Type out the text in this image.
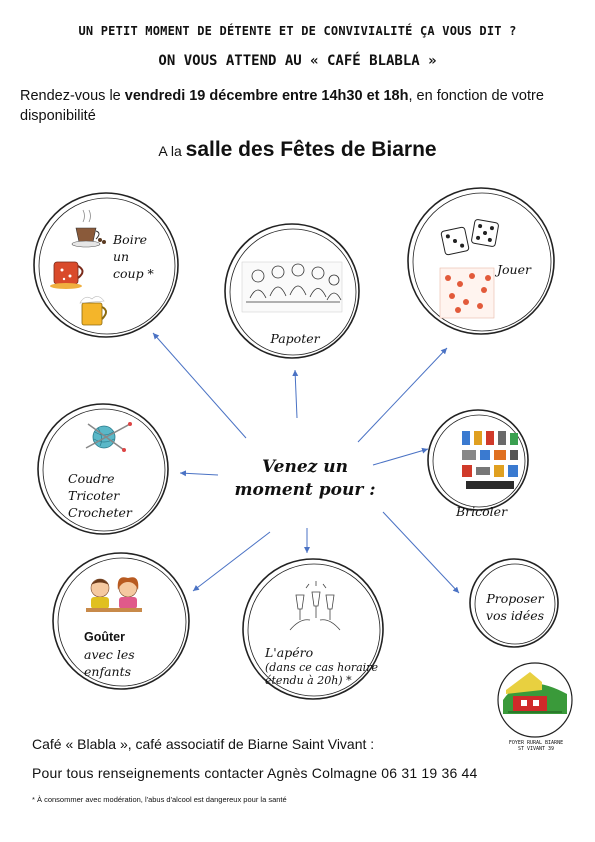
UN PETIT MOMENT DE DÉTENTE ET DE CONVIVIALITÉ ÇA VOUS DIT ?
ON VOUS ATTEND AU « CAFÉ BLABLA »
Rendez-vous le vendredi 19 décembre entre 14h30 et 18h, en fonction de votre disponibilité
A la salle des Fêtes de Biarne
Boire
un
coup *
Papoter
Jouer
Coudre
Tricoter
Crocheter	Bricoler
Goûter
avec les
enfants
L'apéro
(dans ce cas horaire
étendu à 20h) *
Proposer
vos idées
Venez un
moment pour :
FOYER RURAL BIARNE ST VIVANT 39
Café « Blabla », café associatif de Biarne Saint Vivant :
Pour tous renseignements contacter Agnès Colmagne 06 31 19 36 44
* À consommer avec modération, l'abus d'alcool est dangereux pour la santé
